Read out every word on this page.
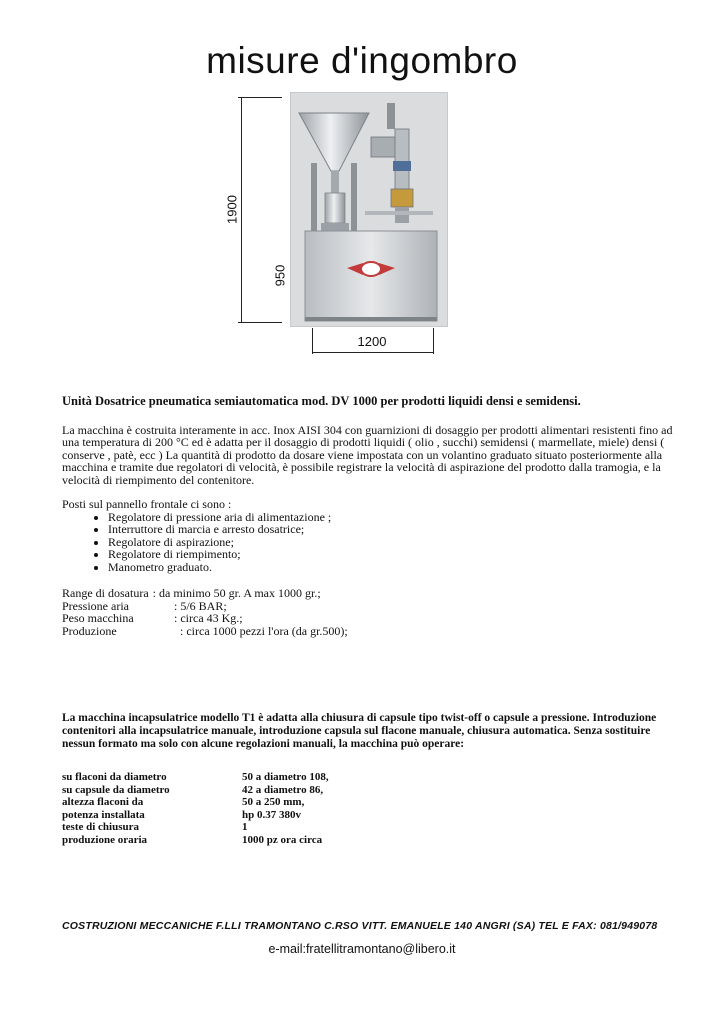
misure d'ingombro
1900
950
1200
Unità Dosatrice pneumatica semiautomatica mod. DV 1000 per prodotti liquidi densi e semidensi.
La macchina è costruita interamente in acc. Inox AISI 304 con guarnizioni di dosaggio per prodotti alimentari resistenti fino ad una temperatura di 200 °C ed è adatta per il dosaggio di prodotti liquidi ( olio , succhi) semidensi ( marmellate, miele) densi ( conserve , patè, ecc ) La quantità di prodotto da dosare viene impostata con un volantino graduato situato posteriormente alla macchina e tramite due regolatori di velocità, è possibile registrare la velocità di aspirazione del prodotto dalla tramogia, e la velocità di riempimento del contenitore.
Posti sul pannello frontale ci sono :
• Regolatore di pressione aria di alimentazione ;
• Interruttore di marcia e arresto dosatrice;
• Regolatore di aspirazione;
• Regolatore di riempimento;
• Manometro graduato.
Range di dosatura : da minimo 50 gr. A max 1000 gr.;
Pressione aria	: 5/6 BAR;
Peso macchina	: circa 43 Kg.;
Produzione	: circa 1000 pezzi l'ora (da gr.500);
La macchina incapsulatrice modello T1 è adatta alla chiusura di capsule tipo twist-off o capsule a pressione. Introduzione contenitori alla incapsulatrice manuale, introduzione capsula sul flacone manuale, chiusura automatica. Senza sostituire nessun formato ma solo con alcune regolazioni manuali, la macchina può operare:
su flaconi da diametro	50 a diametro 108,
su capsule da diametro	42 a diametro 86,
altezza flaconi da	50 a 250 mm,
potenza installata	hp 0.37 380v
teste di chiusura	1
produzione oraria	1000 pz ora circa
COSTRUZIONI MECCANICHE F.LLI TRAMONTANO C.RSO VITT. EMANUELE 140 ANGRI (SA) TEL E FAX: 081/949078
e-mail:fratellitramontano@libero.it
